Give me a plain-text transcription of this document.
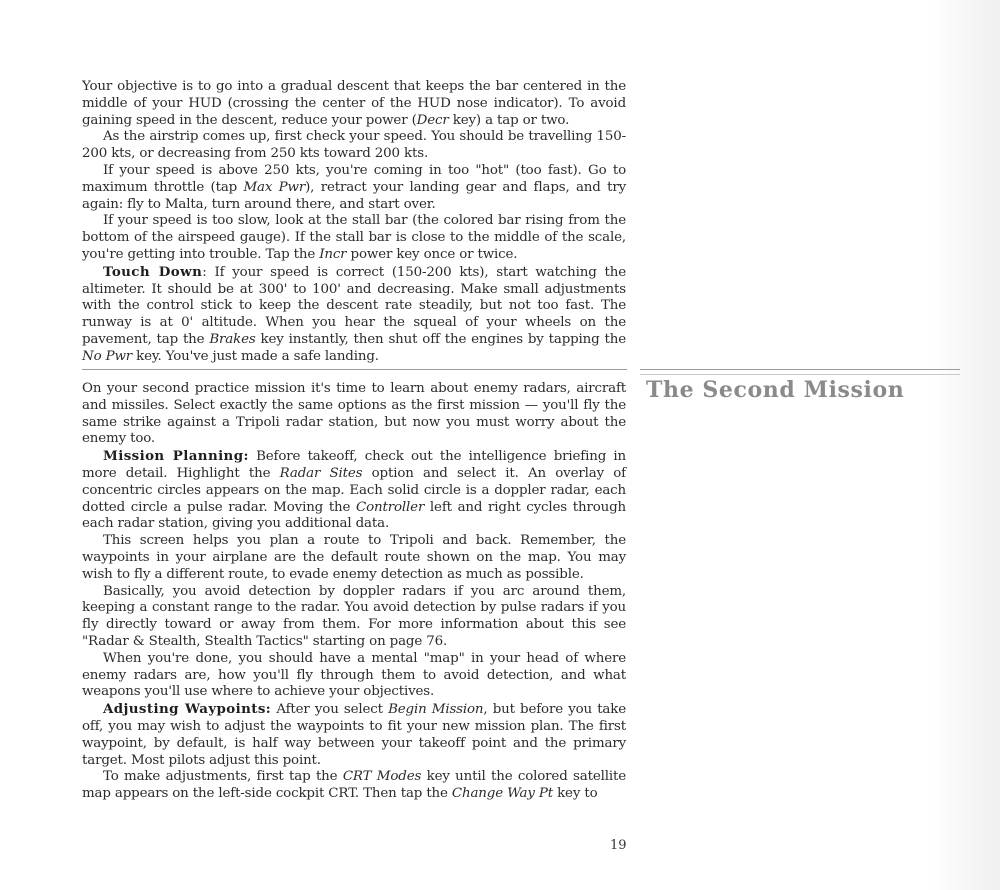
Your objective is to go into a gradual descent that keeps the bar centered in the middle of your HUD (crossing the center of the HUD nose indicator). To avoid gaining speed in the descent, reduce your power (Decr key) a tap or two.

As the airstrip comes up, first check your speed. You should be travelling 150-200 kts, or decreasing from 250 kts toward 200 kts.

If your speed is above 250 kts, you're coming in too "hot" (too fast). Go to maximum throttle (tap Max Pwr), retract your landing gear and flaps, and try again: fly to Malta, turn around there, and start over.

If your speed is too slow, look at the stall bar (the colored bar rising from the bottom of the airspeed gauge). If the stall bar is close to the middle of the scale, you're getting into trouble. Tap the Incr power key once or twice.

Touch Down: If your speed is correct (150-200 kts), start watching the altimeter. It should be at 300' to 100' and decreasing. Make small adjustments with the control stick to keep the descent rate steadily, but not too fast. The runway is at 0' altitude. When you hear the squeal of your wheels on the pavement, tap the Brakes key instantly, then shut off the engines by tapping the No Pwr key. You've just made a safe landing.

The Second Mission

On your second practice mission it's time to learn about enemy radars, aircraft and missiles. Select exactly the same options as the first mission — you'll fly the same strike against a Tripoli radar station, but now you must worry about the enemy too.

Mission Planning: Before takeoff, check out the intelligence briefing in more detail. Highlight the Radar Sites option and select it. An overlay of concentric circles appears on the map. Each solid circle is a doppler radar, each dotted circle a pulse radar. Moving the Controller left and right cycles through each radar station, giving you additional data.

This screen helps you plan a route to Tripoli and back. Remember, the waypoints in your airplane are the default route shown on the map. You may wish to fly a different route, to evade enemy detection as much as possible.

Basically, you avoid detection by doppler radars if you arc around them, keeping a constant range to the radar. You avoid detection by pulse radars if you fly directly toward or away from them. For more information about this see "Radar & Stealth, Stealth Tactics" starting on page 76.

When you're done, you should have a mental "map" in your head of where enemy radars are, how you'll fly through them to avoid detection, and what weapons you'll use where to achieve your objectives.

Adjusting Waypoints: After you select Begin Mission, but before you take off, you may wish to adjust the waypoints to fit your new mission plan. The first waypoint, by default, is half way between your takeoff point and the primary target. Most pilots adjust this point.

To make adjustments, first tap the CRT Modes key until the colored satellite map appears on the left-side cockpit CRT. Then tap the Change Way Pt key to

19
